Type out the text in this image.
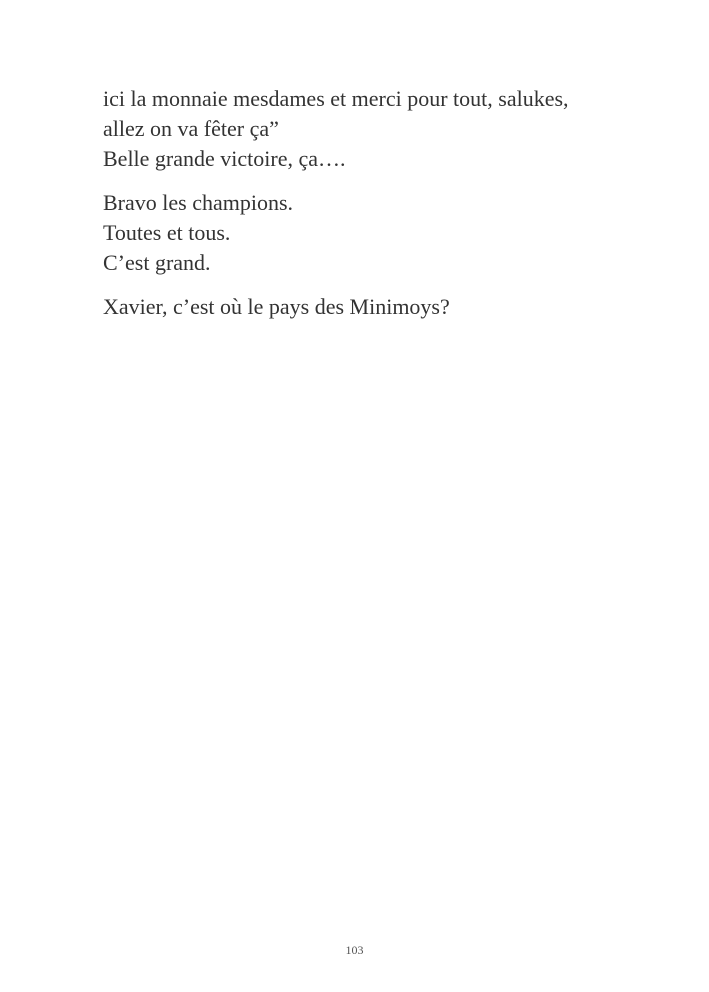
ici la monnaie mesdames et merci pour tout, salukes,
allez on va fêter ça”
Belle grande victoire, ça….

Bravo les champions.
Toutes et tous.
C’est grand.

Xavier, c’est où le pays des Minimoys?

103
